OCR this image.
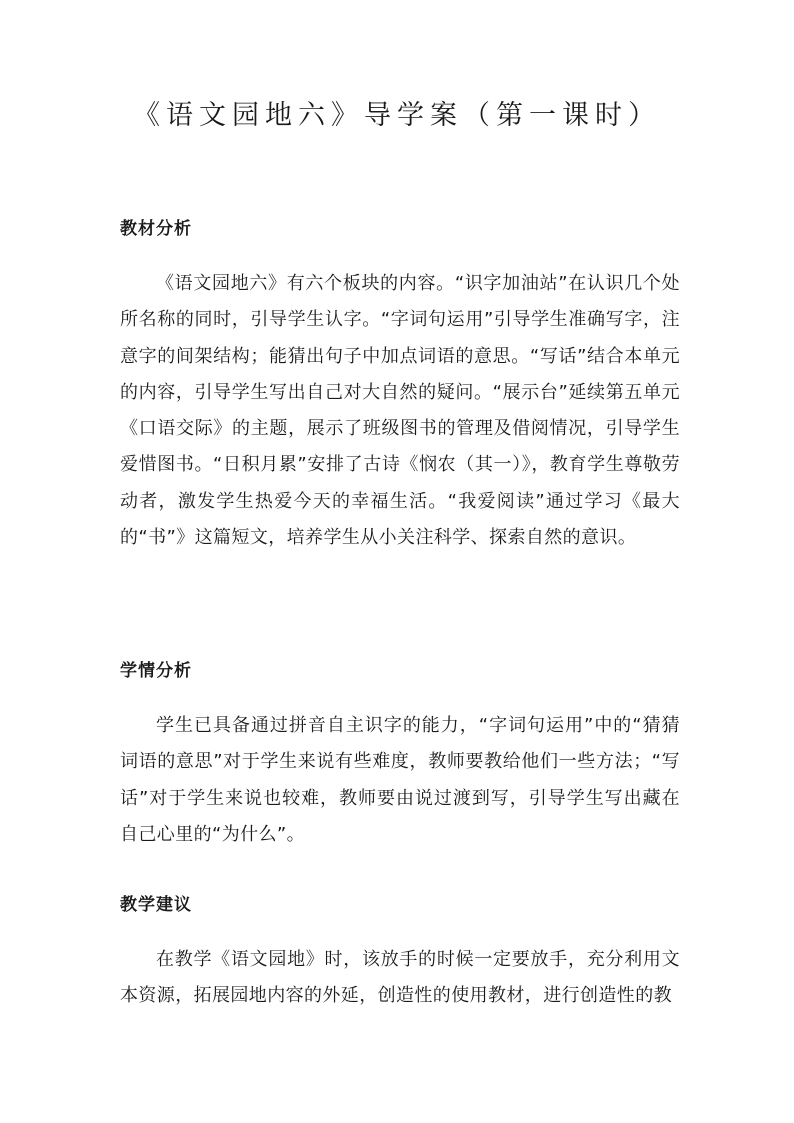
《语文园地六》导学案（第一课时）
教材分析

《语文园地六》有六个板块的内容。“识字加油站”在认识几个处所名称的同时，引导学生认字。“字词句运用”引导学生准确写字，注意字的间架结构；能猜出句子中加点词语的意思。“写话”结合本单元的内容，引导学生写出自己对大自然的疑问。“展示台”延续第五单元《口语交际》的主题，展示了班级图书的管理及借阅情况，引导学生爱惜图书。“日积月累”安排了古诗《悯农（其一）》，教育学生尊敬劳动者，激发学生热爱今天的幸福生活。“我爱阅读”通过学习《最大的“书”》这篇短文，培养学生从小关注科学、探索自然的意识。

学情分析

学生已具备通过拼音自主识字的能力，“字词句运用”中的“猜猜词语的意思”对于学生来说有些难度，教师要教给他们一些方法；“写话”对于学生来说也较难，教师要由说过渡到写，引导学生写出藏在自己心里的“为什么”。

教学建议

在教学《语文园地》时，该放手的时候一定要放手，充分利用文本资源，拓展园地内容的外延，创造性的使用教材，进行创造性的教
